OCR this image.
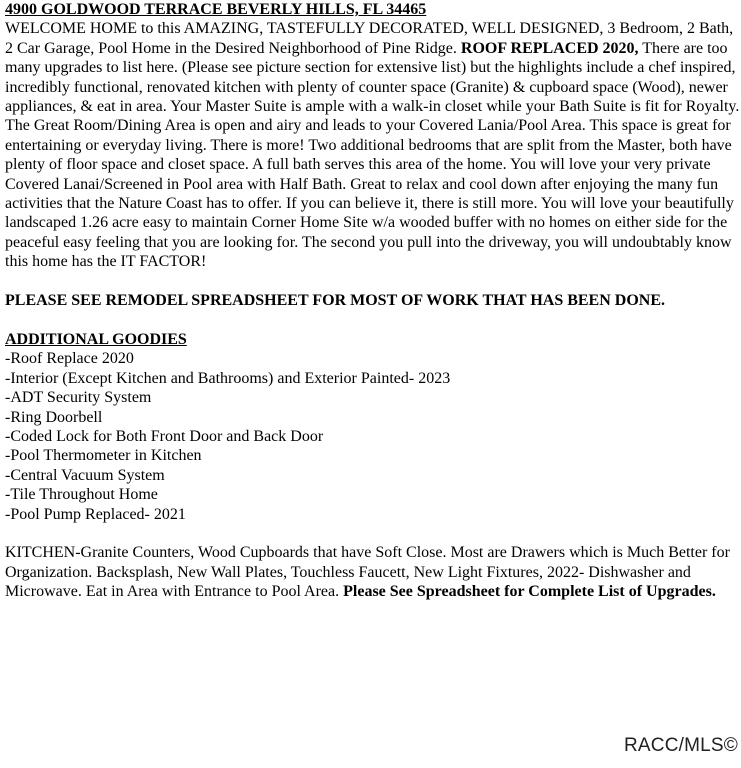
4900 GOLDWOOD TERRACE BEVERLY HILLS, FL 34465

WELCOME HOME to this AMAZING, TASTEFULLY DECORATED, WELL DESIGNED, 3 Bedroom, 2 Bath, 2 Car Garage, Pool Home in the Desired Neighborhood of Pine Ridge. ROOF REPLACED 2020, There are too many upgrades to list here. (Please see picture section for extensive list) but the highlights include a chef inspired, incredibly functional, renovated kitchen with plenty of counter space (Granite) & cupboard space (Wood), newer appliances, & eat in area. Your Master Suite is ample with a walk-in closet while your Bath Suite is fit for Royalty. The Great Room/Dining Area is open and airy and leads to your Covered Lania/Pool Area. This space is great for entertaining or everyday living. There is more! Two additional bedrooms that are split from the Master, both have plenty of floor space and closet space. A full bath serves this area of the home. You will love your very private Covered Lanai/Screened in Pool area with Half Bath. Great to relax and cool down after enjoying the many fun activities that the Nature Coast has to offer. If you can believe it, there is still more. You will love your beautifully landscaped 1.26 acre easy to maintain Corner Home Site w/a wooded buffer with no homes on either side for the peaceful easy feeling that you are looking for. The second you pull into the driveway, you will undoubtably know this home has the IT FACTOR!

PLEASE SEE REMODEL SPREADSHEET FOR MOST OF WORK THAT HAS BEEN DONE.

ADDITIONAL GOODIES

-Roof Replace 2020
-Interior (Except Kitchen and Bathrooms) and Exterior Painted- 2023
-ADT Security System
-Ring Doorbell
-Coded Lock for Both Front Door and Back Door
-Pool Thermometer in Kitchen
-Central Vacuum System
-Tile Throughout Home
-Pool Pump Replaced- 2021

KITCHEN-Granite Counters, Wood Cupboards that have Soft Close. Most are Drawers which is Much Better for Organization. Backsplash, New Wall Plates, Touchless Faucett, New Light Fixtures, 2022- Dishwasher and Microwave. Eat in Area with Entrance to Pool Area. Please See Spreadsheet for Complete List of Upgrades.

RACC/MLS©
